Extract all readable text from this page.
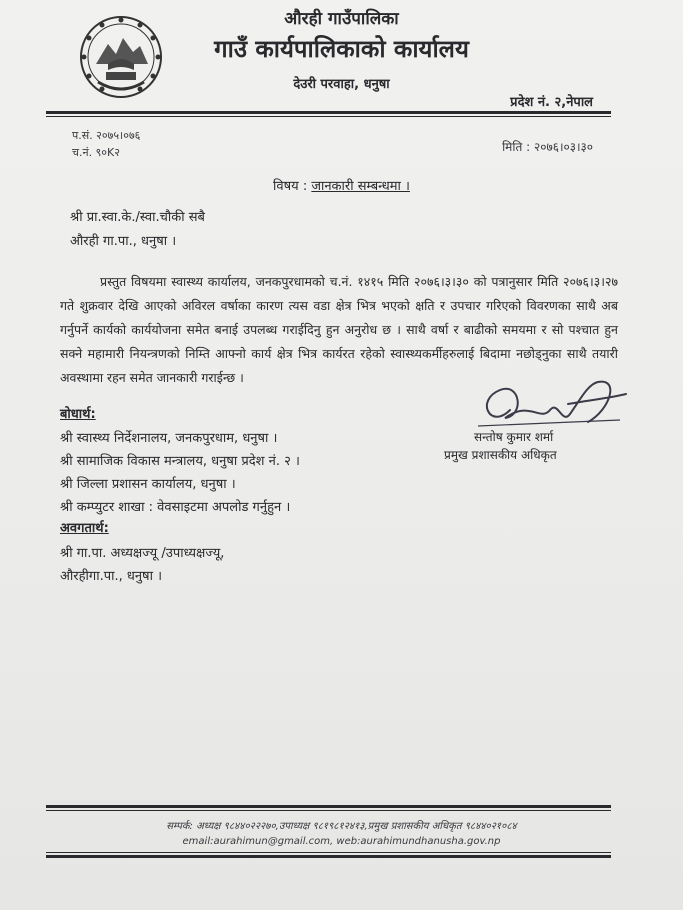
औरही गाउँपालिका
गाउँ कार्यपालिकाको कार्यालय
देउरी परवाहा, धनुषा
प्रदेश नं. २,नेपाल
प.सं. २०७५।०७६
च.नं. ९०K२	मिति : २०७६।०३।३०
विषय : जानकारी सम्बन्धमा ।
श्री प्रा.स्वा.के./स्वा.चौकी सबै
औरही गा.पा., धनुषा ।

प्रस्तुत विषयमा स्वास्थ्य कार्यालय, जनकपुरधामको च.नं. १४१५ मिति २०७६।३।३० को पत्रानुसार मिति २०७६।३।२७ गते शुक्रवार देखि आएको अविरल वर्षाका कारण त्यस वडा क्षेत्र भित्र भएको क्षति र उपचार गरिएको विवरणका साथै अब गर्नुपर्ने कार्यको कार्ययोजना समेत बनाई उपलब्ध गराईदिनु हुन अनुरोध छ । साथै वर्षा र बाढीको समयमा र सो पश्चात हुन सक्ने महामारी नियन्त्रणको निम्ति आफ्नो कार्य क्षेत्र भित्र कार्यरत रहेको स्वास्थ्यकर्मीहरुलाई बिदामा नछोड्नुका साथै तयारी अवस्थामा रहन समेत जानकारी गराईन्छ ।

सन्तोष कुमार शर्मा
प्रमुख प्रशासकीय अधिकृत
बोधार्थ:
श्री स्वास्थ्य निर्देशनालय, जनकपुरधाम, धनुषा ।
श्री सामाजिक विकास मन्त्रालय, धनुषा प्रदेश नं. २ ।
श्री जिल्ला प्रशासन कार्यालय, धनुषा ।
श्री कम्प्युटर शाखा : वेवसाइटमा अपलोड गर्नुहुन ।
अवगतार्थ:
श्री गा.पा. अध्यक्षज्यू /उपाध्यक्षज्यू,
औरहीगा.पा., धनुषा ।
सम्पर्क: अध्यक्ष ९८४४०२२२७०,उपाध्यक्ष ९८१९८१२४१३,प्रमुख प्रशासकीय अधिकृत ९८४४०२१०८४
email:aurahimun@gmail.com, web:aurahimundhanusha.gov.np
